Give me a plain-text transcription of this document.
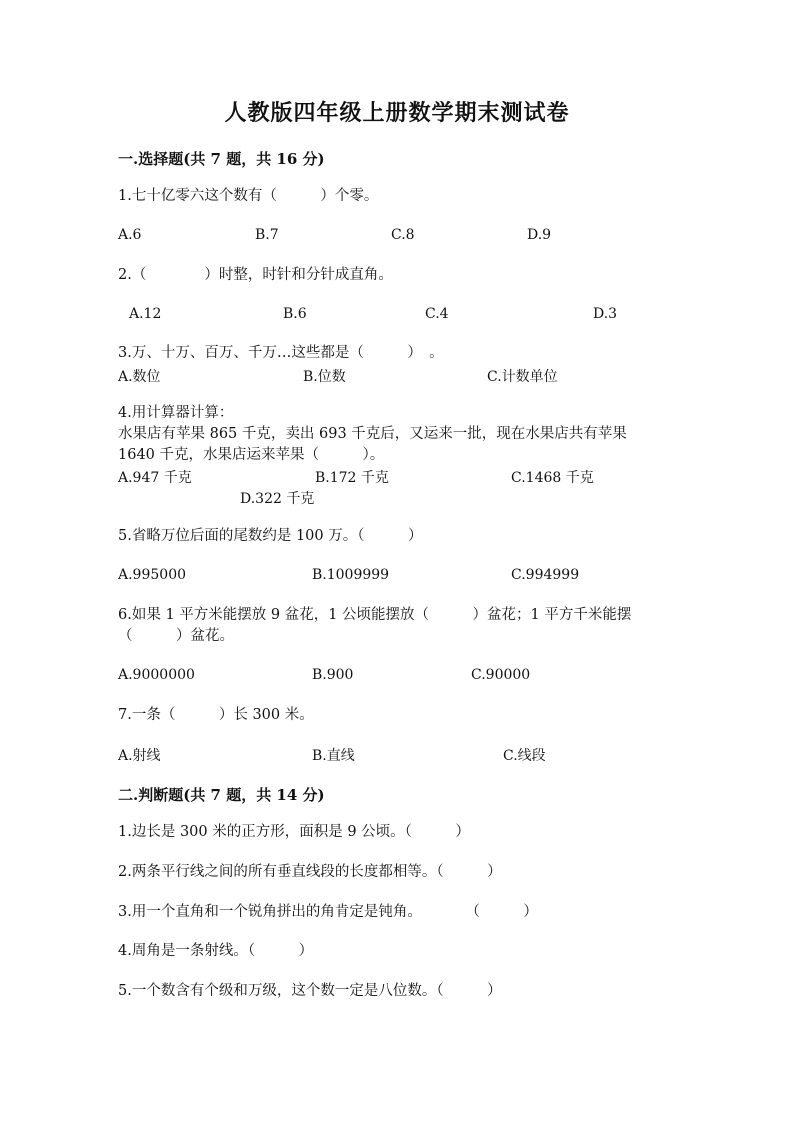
人教版四年级上册数学期末测试卷
一.选择题(共 7 题，共 16 分)
1.七十亿零六这个数有（　　　）个零。
A.6	B.7	C.8	D.9
2.（　　　　）时整，时针和分针成直角。
A.12	B.6	C.4	D.3
3.万、十万、百万、千万…这些都是（　　　）　。
A.数位	B.位数	C.计数单位
4.用计算器计算：
水果店有苹果 865 千克，卖出 693 千克后，又运来一批，现在水果店共有苹果
1640 千克，水果店运来苹果（　　　）。
A.947 千克	B.172 千克	C.1468 千克
D.322 千克
5.省略万位后面的尾数约是 100 万。（　　　）
A.995000	B.1009999	C.994999
6.如果 1 平方米能摆放 9 盆花，1 公顷能摆放（　　　）盆花；1 平方千米能摆
（　　　）盆花。
A.9000000	B.900	C.90000
7.一条（　　　）长 300 米。
A.射线	B.直线	C.线段
二.判断题(共 7 题，共 14 分)
1.边长是 300 米的正方形，面积是 9 公顷。（　　　）
2.两条平行线之间的所有垂直线段的长度都相等。（　　　）
3.用一个直角和一个锐角拼出的角肯定是钝角。　　　　（　　　）
4.周角是一条射线。（　　　）
5.一个数含有个级和万级，这个数一定是八位数。（　　　）
